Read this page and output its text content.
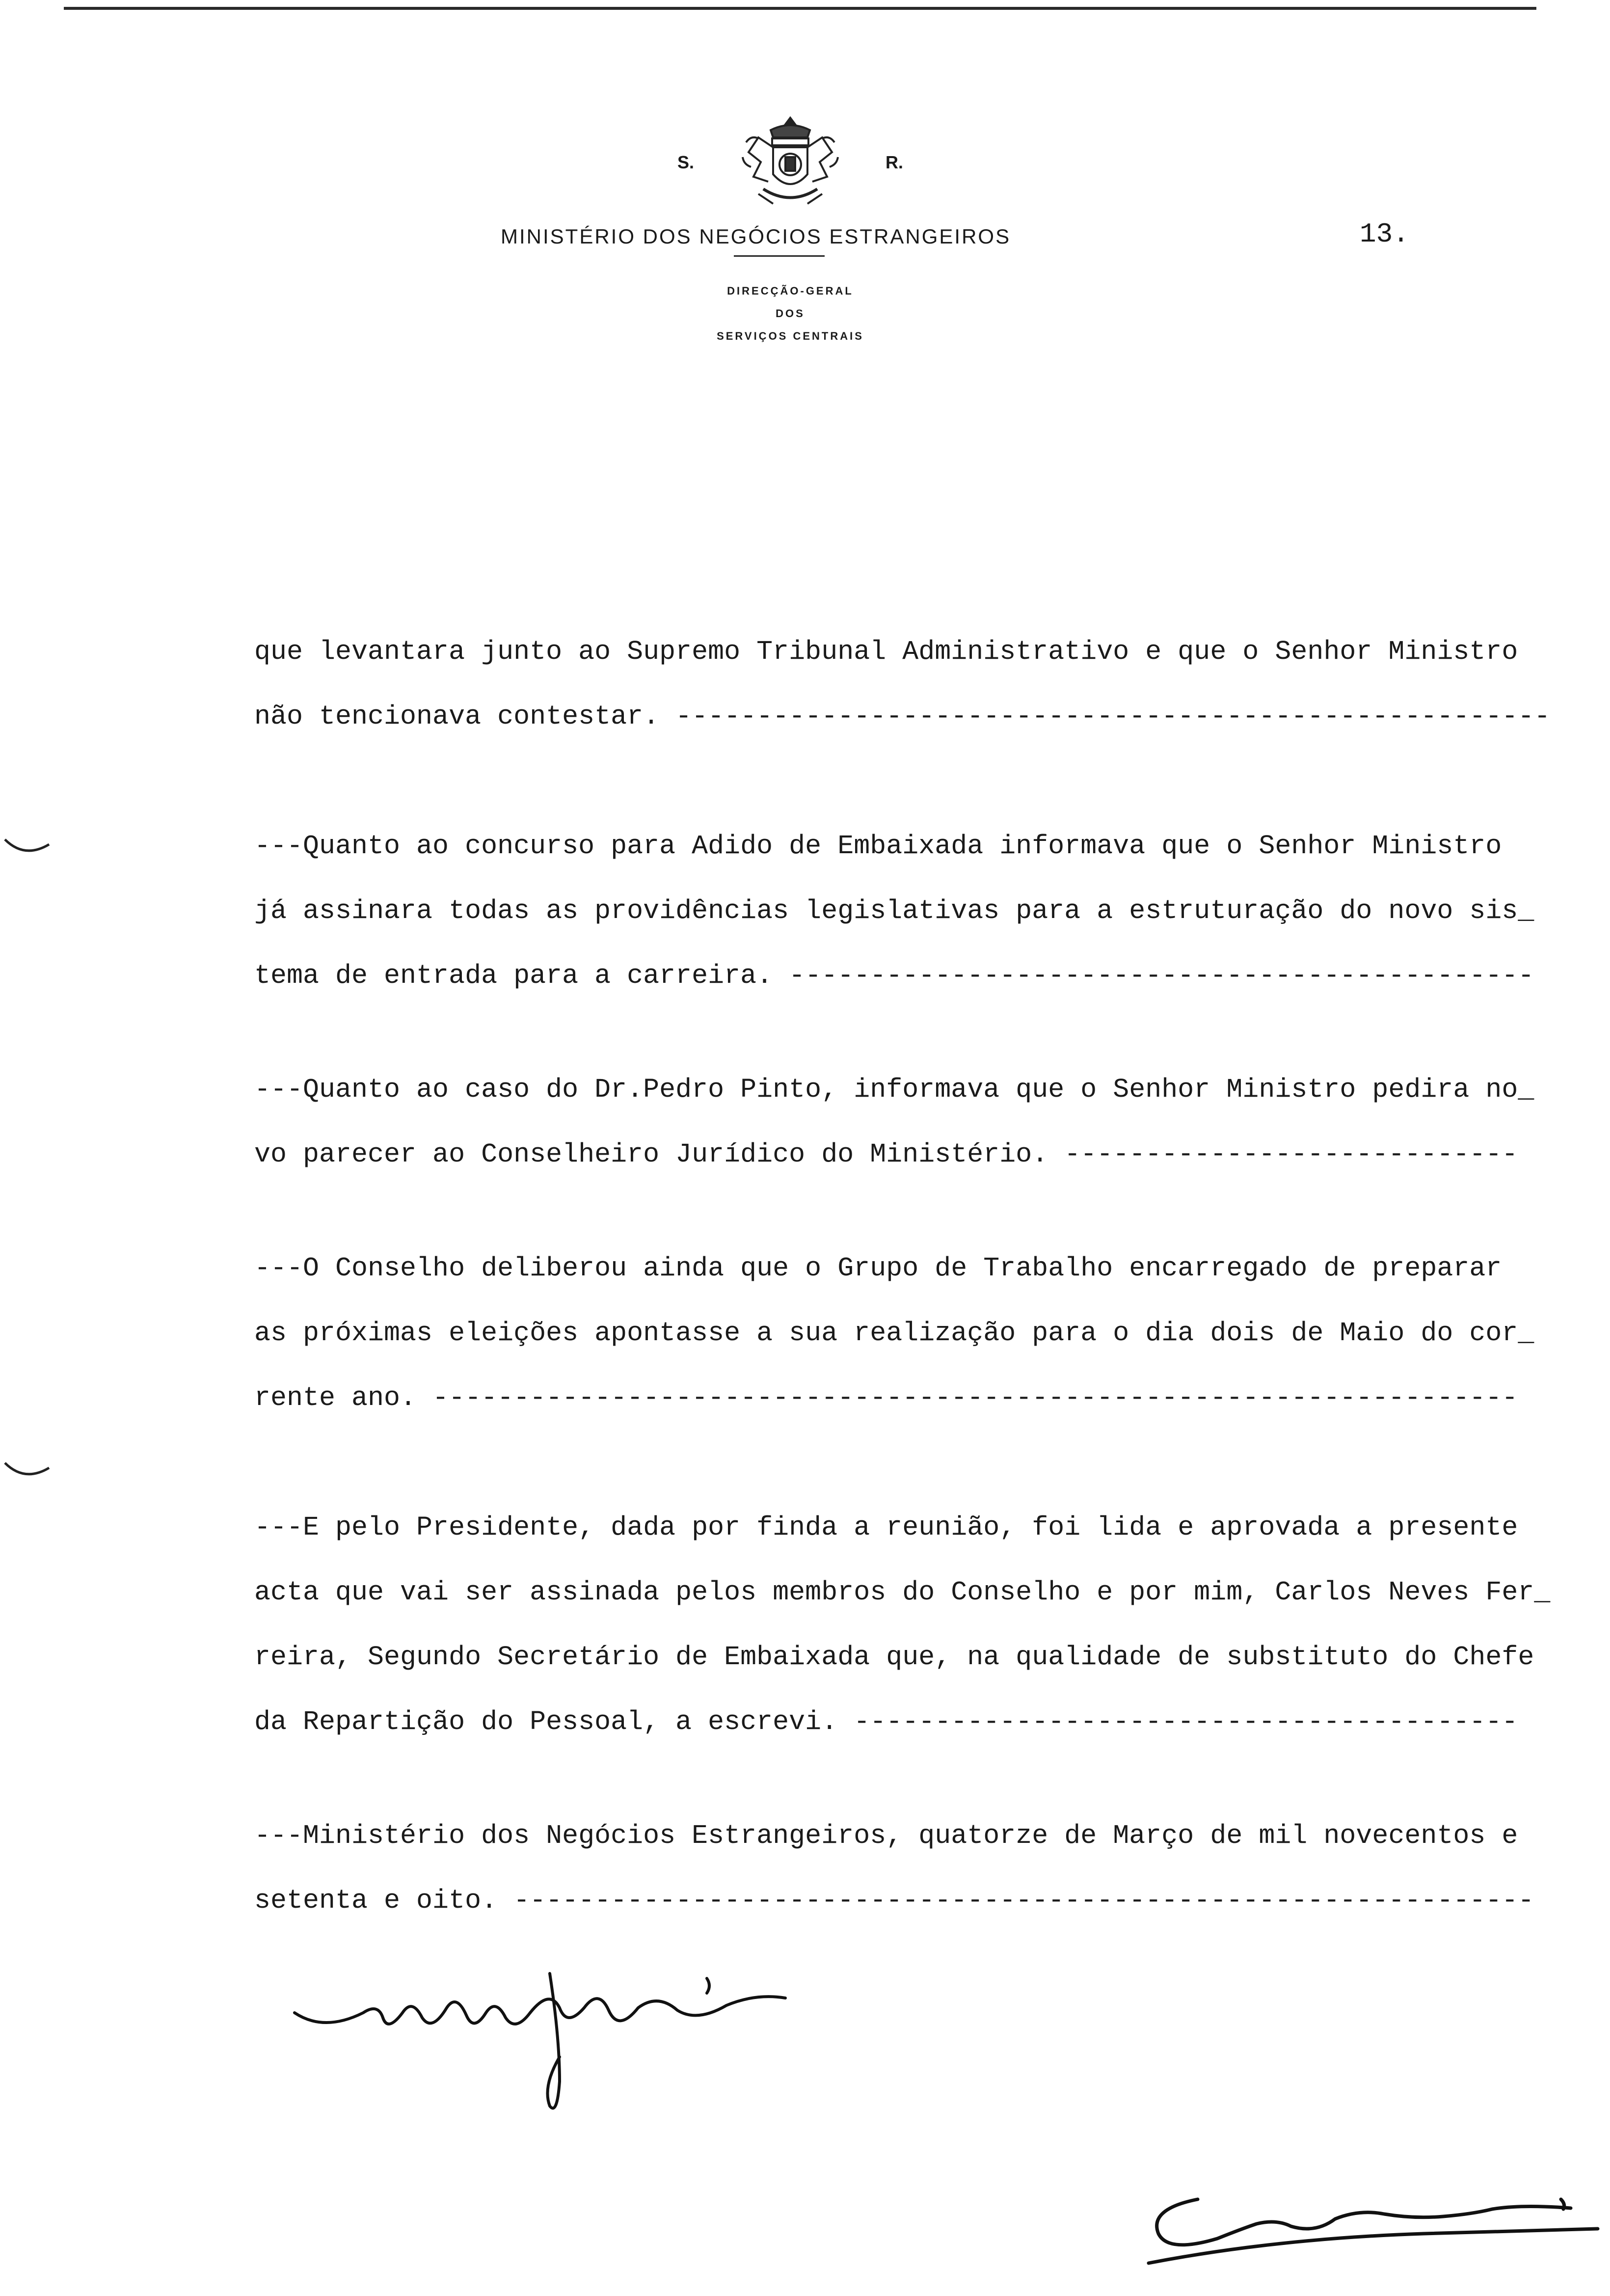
S.	R.
MINISTÉRIO DOS NEGÓCIOS ESTRANGEIROS	13.
DIRECÇÃO-GERAL
DOS
SERVIÇOS CENTRAIS
que levantara junto ao Supremo Tribunal Administrativo e que o Senhor Ministro
não tencionava contestar. ------------------------------------------------------
---Quanto ao concurso para Adido de Embaixada informava que o Senhor Ministro
já assinara todas as providências legislativas para a estruturação do novo sis_
tema de entrada para a carreira. ----------------------------------------------
---Quanto ao caso do Dr.Pedro Pinto, informava que o Senhor Ministro pedira no_
vo parecer ao Conselheiro Jurídico do Ministério. ----------------------------
---O Conselho deliberou ainda que o Grupo de Trabalho encarregado de preparar
as próximas eleições apontasse a sua realização para o dia dois de Maio do cor_
rente ano. -------------------------------------------------------------------
---E pelo Presidente, dada por finda a reunião, foi lida e aprovada a presente
acta que vai ser assinada pelos membros do Conselho e por mim, Carlos Neves Fer_
reira, Segundo Secretário de Embaixada que, na qualidade de substituto do Chefe
da Repartição do Pessoal, a escrevi. -----------------------------------------
---Ministério dos Negócios Estrangeiros, quatorze de Março de mil novecentos e
setenta e oito. ---------------------------------------------------------------
